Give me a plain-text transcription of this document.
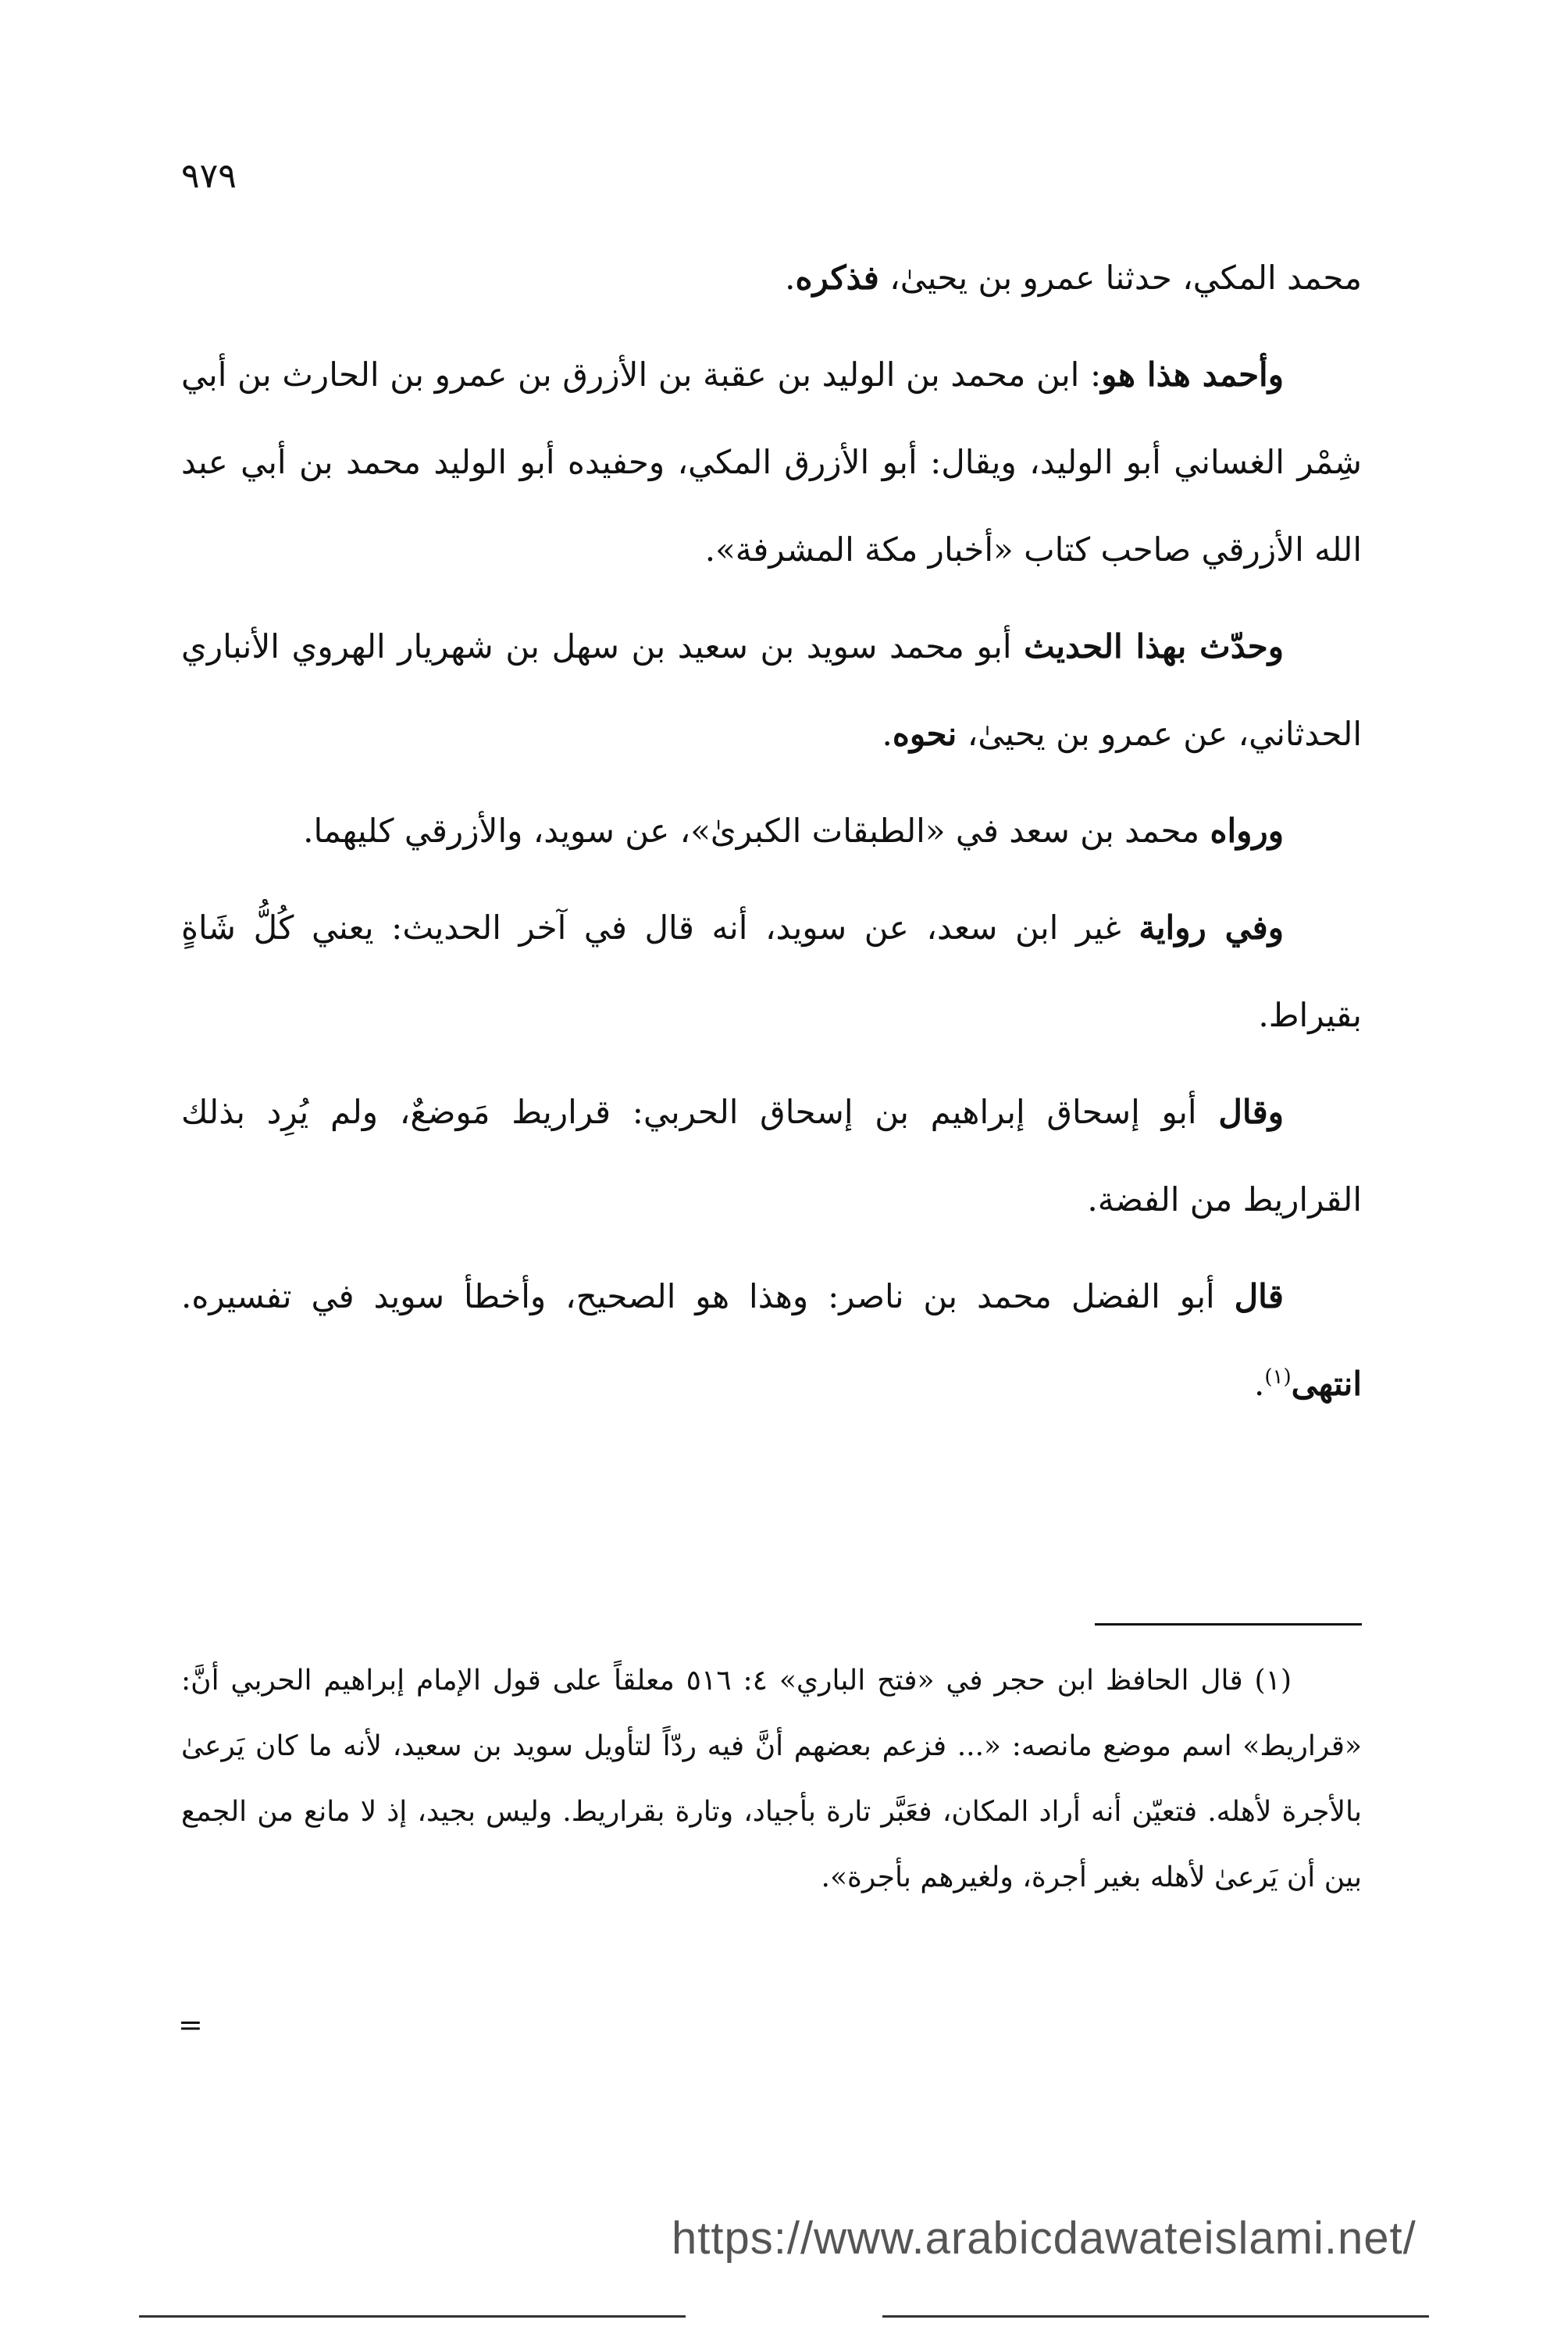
٩٧٩

محمد المكي، حدثنا عمرو بن يحيىٰ، فذكره.

وأحمد هذا هو: ابن محمد بن الوليد بن عقبة بن الأزرق بن عمرو بن الحارث بن أبي شِمْر الغساني أبو الوليد، ويقال: أبو الأزرق المكي، وحفيده أبو الوليد محمد بن أبي عبد الله الأزرقي صاحب كتاب «أخبار مكة المشرفة».

وحدّث بهذا الحديث أبو محمد سويد بن سعيد بن سهل بن شهريار الهروي الأنباري الحدثاني، عن عمرو بن يحيىٰ، نحوه.

ورواه محمد بن سعد في «الطبقات الكبرىٰ»، عن سويد، والأزرقي كليهما.

وفي رواية غير ابن سعد، عن سويد، أنه قال في آخر الحديث: يعني كُلُّ شَاةٍ بقيراط.

وقال أبو إسحاق إبراهيم بن إسحاق الحربي: قراريط مَوضعٌ، ولم يُرِد بذلك القراريط من الفضة.

قال أبو الفضل محمد بن ناصر: وهذا هو الصحيح، وأخطأ سويد في تفسيره. انتهى$^{(١)}$.

(١) قال الحافظ ابن حجر في «فتح الباري» ٤: ٥١٦ معلقاً على قول الإمام إبراهيم الحربي أنَّ: «قراريط» اسم موضع مانصه: «... فزعم بعضهم أنَّ فيه ردّاً لتأويل سويد بن سعيد، لأنه ما كان يَرعىٰ بالأجرة لأهله. فتعيّن أنه أراد المكان، فعَبَّر تارة بأجياد، وتارة بقراريط. وليس بجيد، إذ لا مانع من الجمع بين أن يَرعىٰ لأهله بغير أجرة، ولغيرهم بأجرة».

=
https://www.arabicdawateislami.net/
